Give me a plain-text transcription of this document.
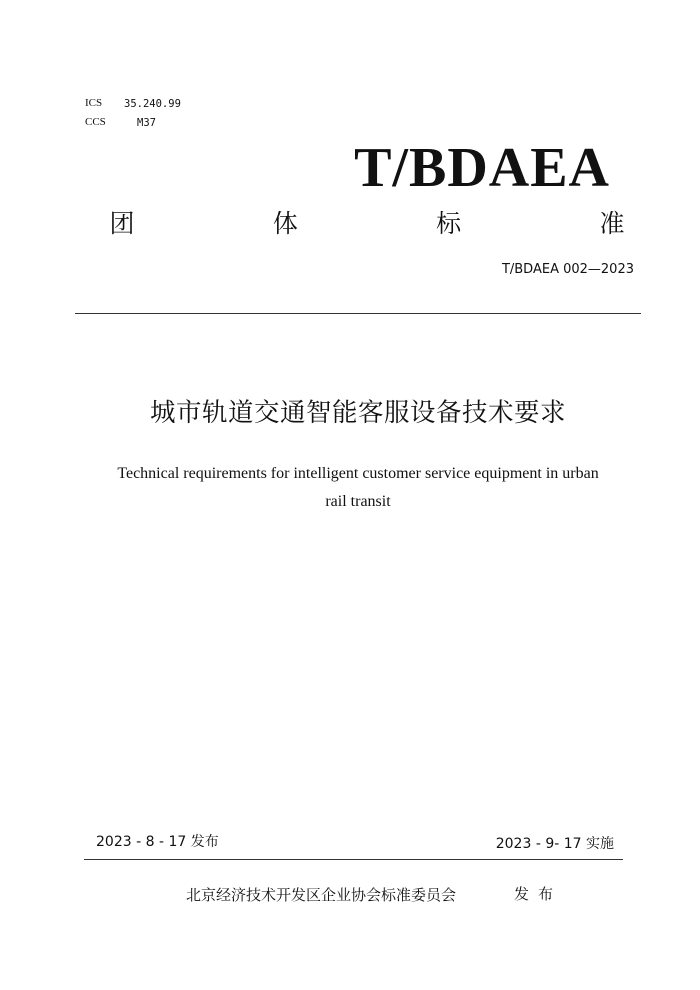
ICS 35.240.99
CCS	M37
T/BDAEA
团	体	标	准
T/BDAEA 002—2023
城市轨道交通智能客服设备技术要求
Technical requirements for intelligent customer service equipment in urban
rail transit
2023 - 8 - 17 发布	2023 - 9- 17 实施
北京经济技术开发区企业协会标准委员会	发布
